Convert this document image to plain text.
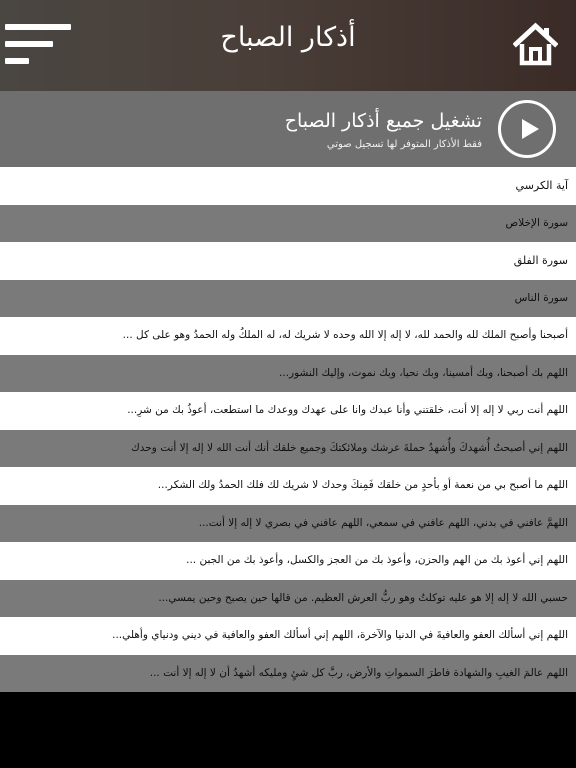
أذكار الصباح
تشغيل جميع أذكار الصباح
فقط الأذكار المتوفر لها تسجيل صوتي
آية الكرسي
سورة الإخلاص
سورة الفلق
سورة الناس
أصبحنا وأصبح الملك لله والحمد لله، لا إله إلا الله وحده لا شريك له، له الملكُ وله الحمدُ وهو على كل ...
اللهم بك أصبحنا، وبك أمسينا، وبك نحيا، وبك نموت، وإليك النشور...
اللهم أنت ربي لا إله إلا أنت، خلقتني وأنا عبدك وانا على عهدك ووعدك ما استطعت، أعوذُ بك من شرِ...
اللهم إني أصبحتُ أُشهدكَ وأُشهدُ حملةَ عرشك وملائكتكَ وجميع خلقك أنك أنت الله لا إله إلا أنت وحدك
اللهم ما أصبح بي من نعمة أو بأحدٍ من خلقك فَمِنكَ وحدك لا شريك لك فلك الحمدُ ولك الشكر...
اللهمَّ عافني في بدني، اللهم عافني في سمعي، اللهم عافني في بصري لا إله إلا أنت...
اللهم إني أعوذ بك من الهم والحزن، وأعوذ بك من العجز والكسل، وأعوذ بك من الجبن ...
حسبي الله لا إله إلا هو عليه توكلتُ وهو ربُّ العرش العظيم. من قالها حين يصبح وحين يمسي...
اللهم إني أسألك العفو والعافيةَ في الدنيا والآخرة، اللهم إني أسألك العفو والعافية في ديني ودنياي وأهلي...
اللهم عالمَ الغيبِ والشهادة فاطرَ السمواتِ والأرض، ربَّ كل شئٍ ومليكه أشهدُ أن لا إله إلا أنت ...
